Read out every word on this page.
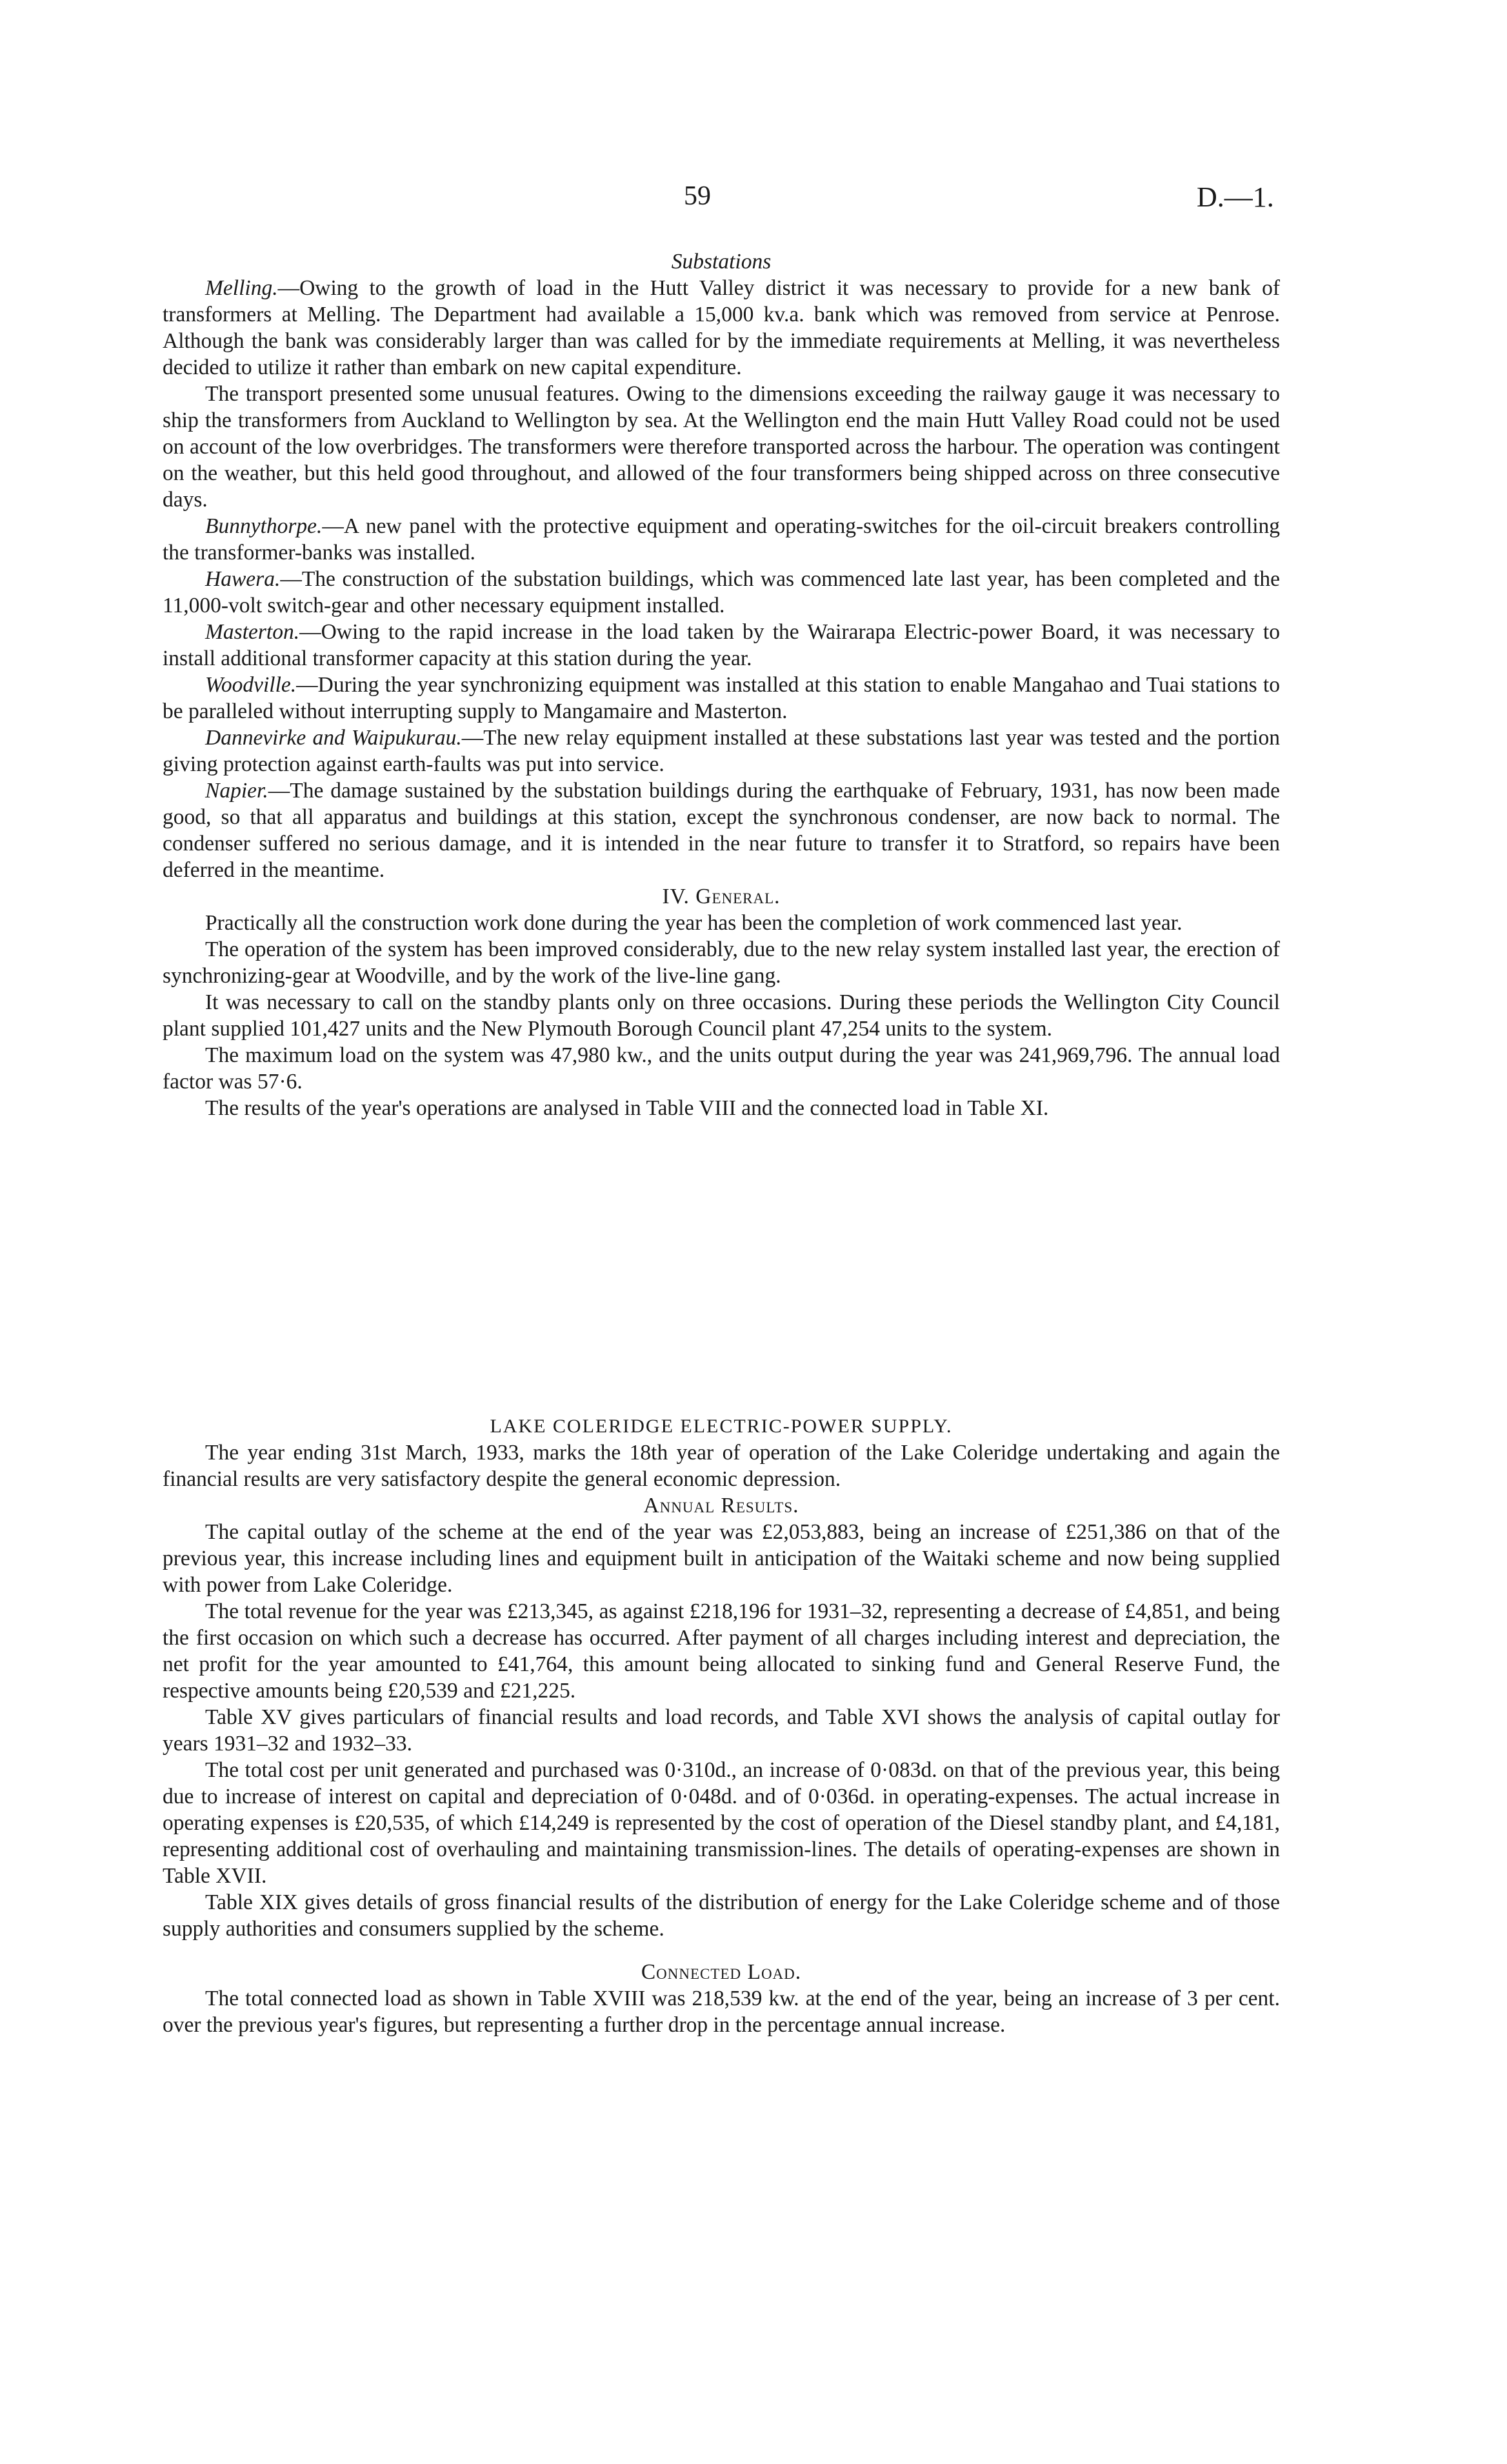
59	D.—1.

Substations

Melling.—Owing to the growth of load in the Hutt Valley district it was necessary to provide for a new bank of transformers at Melling. The Department had available a 15,000 kv.a. bank which was removed from service at Penrose. Although the bank was considerably larger than was called for by the immediate requirements at Melling, it was nevertheless decided to utilize it rather than embark on new capital expenditure.

The transport presented some unusual features. Owing to the dimensions exceeding the railway gauge it was necessary to ship the transformers from Auckland to Wellington by sea. At the Wellington end the main Hutt Valley Road could not be used on account of the low overbridges. The transformers were therefore transported across the harbour. The operation was contingent on the weather, but this held good throughout, and allowed of the four transformers being shipped across on three consecutive days.

Bunnythorpe.—A new panel with the protective equipment and operating-switches for the oil-circuit breakers controlling the transformer-banks was installed.

Hawera.—The construction of the substation buildings, which was commenced late last year, has been completed and the 11,000-volt switch-gear and other necessary equipment installed.

Masterton.—Owing to the rapid increase in the load taken by the Wairarapa Electric-power Board, it was necessary to install additional transformer capacity at this station during the year.

Woodville.—During the year synchronizing equipment was installed at this station to enable Mangahao and Tuai stations to be paralleled without interrupting supply to Mangamaire and Masterton.

Dannevirke and Waipukurau.—The new relay equipment installed at these substations last year was tested and the portion giving protection against earth-faults was put into service.

Napier.—The damage sustained by the substation buildings during the earthquake of February, 1931, has now been made good, so that all apparatus and buildings at this station, except the synchronous condenser, are now back to normal. The condenser suffered no serious damage, and it is intended in the near future to transfer it to Stratford, so repairs have been deferred in the meantime.

IV. General.

Practically all the construction work done during the year has been the completion of work commenced last year.

The operation of the system has been improved considerably, due to the new relay system installed last year, the erection of synchronizing-gear at Woodville, and by the work of the live-line gang.

It was necessary to call on the standby plants only on three occasions. During these periods the Wellington City Council plant supplied 101,427 units and the New Plymouth Borough Council plant 47,254 units to the system.

The maximum load on the system was 47,980 kw., and the units output during the year was 241,969,796. The annual load factor was 57·6.

The results of the year's operations are analysed in Table VIII and the connected load in Table XI.

LAKE COLERIDGE ELECTRIC-POWER SUPPLY.

The year ending 31st March, 1933, marks the 18th year of operation of the Lake Coleridge undertaking and again the financial results are very satisfactory despite the general economic depression.

Annual Results.

The capital outlay of the scheme at the end of the year was £2,053,883, being an increase of £251,386 on that of the previous year, this increase including lines and equipment built in anticipation of the Waitaki scheme and now being supplied with power from Lake Coleridge.

The total revenue for the year was £213,345, as against £218,196 for 1931–32, representing a decrease of £4,851, and being the first occasion on which such a decrease has occurred. After payment of all charges including interest and depreciation, the net profit for the year amounted to £41,764, this amount being allocated to sinking fund and General Reserve Fund, the respective amounts being £20,539 and £21,225.

Table XV gives particulars of financial results and load records, and Table XVI shows the analysis of capital outlay for years 1931–32 and 1932–33.

The total cost per unit generated and purchased was 0·310d., an increase of 0·083d. on that of the previous year, this being due to increase of interest on capital and depreciation of 0·048d. and of 0·036d. in operating-expenses. The actual increase in operating expenses is £20,535, of which £14,249 is represented by the cost of operation of the Diesel standby plant, and £4,181, representing additional cost of overhauling and maintaining transmission-lines. The details of operating-expenses are shown in Table XVII.

Table XIX gives details of gross financial results of the distribution of energy for the Lake Coleridge scheme and of those supply authorities and consumers supplied by the scheme.

Connected Load.

The total connected load as shown in Table XVIII was 218,539 kw. at the end of the year, being an increase of 3 per cent. over the previous year's figures, but representing a further drop in the percentage annual increase.
